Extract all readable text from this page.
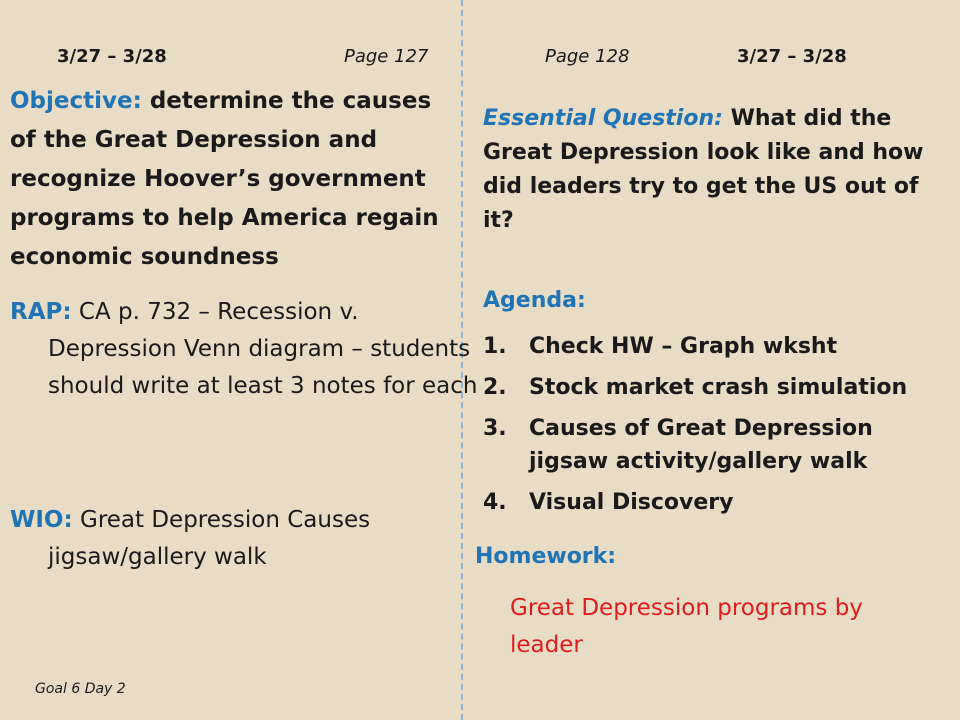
3/27 – 3/28	Page 127	Page 128	3/27 – 3/28
Objective: determine the causes of the Great Depression and recognize Hoover’s government programs to help America regain economic soundness
RAP: CA p. 732 – Recession v. Depression Venn diagram – students should write at least 3 notes for each
WIO: Great Depression Causes jigsaw/gallery walk
Essential Question: What did the Great Depression look like and how did leaders try to get the US out of it?
Agenda:
1.	Check HW – Graph wksht
2.	Stock market crash simulation
3.	Causes of Great Depression jigsaw activity/gallery walk
4.	Visual Discovery
Homework:
Great Depression programs by leader
Goal 6 Day 2
